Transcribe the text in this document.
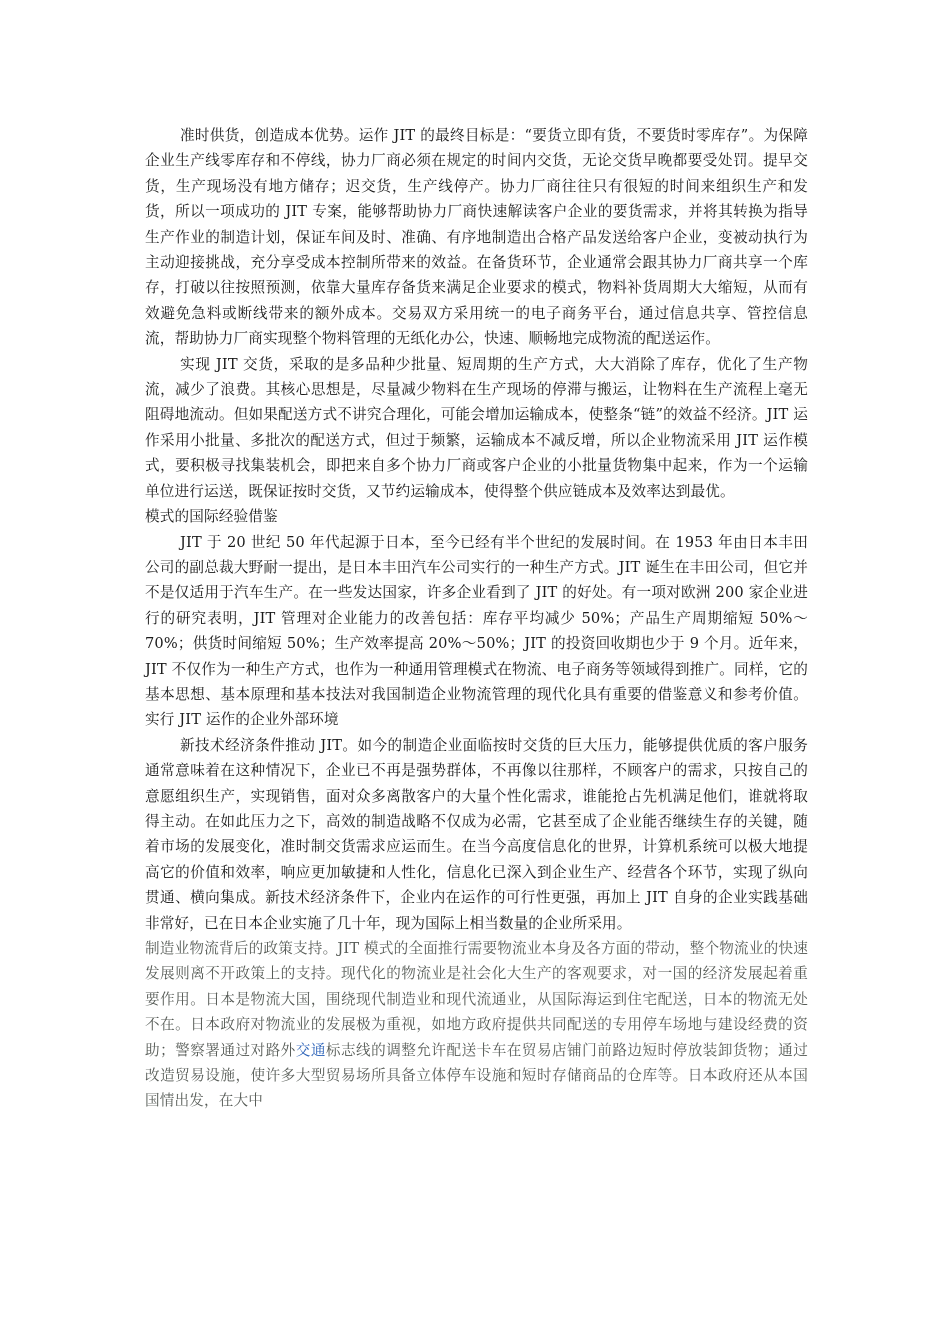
准时供货，创造成本优势。运作 JIT 的最终目标是：“要货立即有货，不要货时零库存”。为保障企业生产线零库存和不停线，协力厂商必须在规定的时间内交货，无论交货早晚都要受处罚。提早交货，生产现场没有地方储存；迟交货，生产线停产。协力厂商往往只有很短的时间来组织生产和发货，所以一项成功的 JIT 专案，能够帮助协力厂商快速解读客户企业的要货需求，并将其转换为指导生产作业的制造计划，保证车间及时、准确、有序地制造出合格产品发送给客户企业，变被动执行为主动迎接挑战，充分享受成本控制所带来的效益。在备货环节，企业通常会跟其协力厂商共享一个库存，打破以往按照预测，依靠大量库存备货来满足企业要求的模式，物料补货周期大大缩短，从而有效避免急料或断线带来的额外成本。交易双方采用统一的电子商务平台，通过信息共享、管控信息流，帮助协力厂商实现整个物料管理的无纸化办公，快速、顺畅地完成物流的配送运作。

实现 JIT 交货，采取的是多品种少批量、短周期的生产方式，大大消除了库存，优化了生产物流，减少了浪费。其核心思想是，尽量减少物料在生产现场的停滞与搬运，让物料在生产流程上毫无阻碍地流动。但如果配送方式不讲究合理化，可能会增加运输成本，使整条“链”的效益不经济。JIT 运作采用小批量、多批次的配送方式，但过于频繁，运输成本不减反增，所以企业物流采用 JIT 运作模式，要积极寻找集装机会，即把来自多个协力厂商或客户企业的小批量货物集中起来，作为一个运输单位进行运送，既保证按时交货，又节约运输成本，使得整个供应链成本及效率达到最优。

模式的国际经验借鉴

JIT 于 20 世纪 50 年代起源于日本，至今已经有半个世纪的发展时间。在 1953 年由日本丰田公司的副总裁大野耐一提出，是日本丰田汽车公司实行的一种生产方式。JIT 诞生在丰田公司，但它并不是仅适用于汽车生产。在一些发达国家，许多企业看到了 JIT 的好处。有一项对欧洲 200 家企业进行的研究表明，JIT 管理对企业能力的改善包括：库存平均减少 50%；产品生产周期缩短 50%～70%；供货时间缩短 50%；生产效率提高 20%～50%；JIT 的投资回收期也少于 9 个月。近年来，JIT 不仅作为一种生产方式，也作为一种通用管理模式在物流、电子商务等领域得到推广。同样，它的基本思想、基本原理和基本技法对我国制造企业物流管理的现代化具有重要的借鉴意义和参考价值。实行 JIT 运作的企业外部环境

新技术经济条件推动 JIT。如今的制造企业面临按时交货的巨大压力，能够提供优质的客户服务通常意味着在这种情况下，企业已不再是强势群体，不再像以往那样，不顾客户的需求，只按自己的意愿组织生产，实现销售，面对众多离散客户的大量个性化需求，谁能抢占先机满足他们，谁就将取得主动。在如此压力之下，高效的制造战略不仅成为必需，它甚至成了企业能否继续生存的关键，随着市场的发展变化，准时制交货需求应运而生。在当今高度信息化的世界，计算机系统可以极大地提高它的价值和效率，响应更加敏捷和人性化，信息化已深入到企业生产、经营各个环节，实现了纵向贯通、横向集成。新技术经济条件下，企业内在运作的可行性更强，再加上 JIT 自身的企业实践基础非常好，已在日本企业实施了几十年，现为国际上相当数量的企业所采用。

制造业物流背后的政策支持。JIT 模式的全面推行需要物流业本身及各方面的带动，整个物流业的快速发展则离不开政策上的支持。现代化的物流业是社会化大生产的客观要求，对一国的经济发展起着重要作用。日本是物流大国，围绕现代制造业和现代流通业，从国际海运到住宅配送，日本的物流无处不在。日本政府对物流业的发展极为重视，如地方政府提供共同配送的专用停车场地与建设经费的资助；警察署通过对路外交通标志线的调整允许配送卡车在贸易店铺门前路边短时停放装卸货物；通过改造贸易设施，使许多大型贸易场所具备立体停车设施和短时存储商品的仓库等。日本政府还从本国国情出发，在大中
